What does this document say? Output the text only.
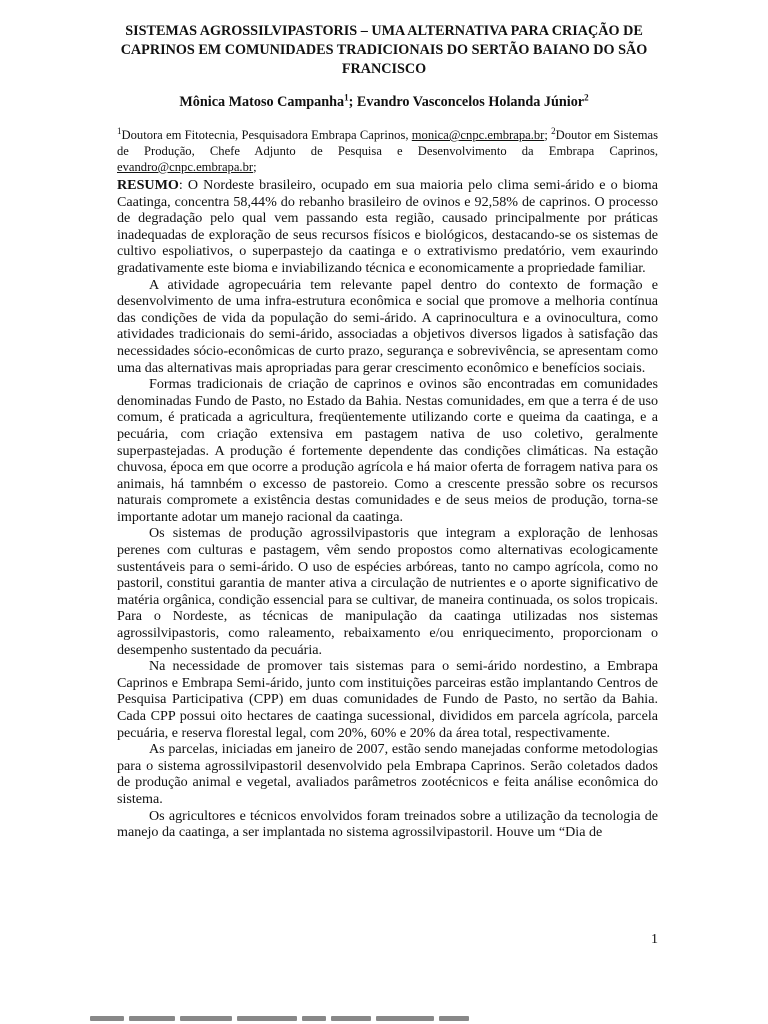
SISTEMAS AGROSSILVIPASTORIS – UMA ALTERNATIVA PARA CRIAÇÃO DE CAPRINOS EM COMUNIDADES TRADICIONAIS DO SERTÃO BAIANO DO SÃO FRANCISCO
Mônica Matoso Campanha$^1$; Evandro Vasconcelos Holanda Júnior$^2$
$^1$Doutora em Fitotecnia, Pesquisadora Embrapa Caprinos, monica@cnpc.embrapa.br; $^2$Doutor em Sistemas de Produção, Chefe Adjunto de Pesquisa e Desenvolvimento da Embrapa Caprinos, evandro@cnpc.embrapa.br;

RESUMO: O Nordeste brasileiro, ocupado em sua maioria pelo clima semi-árido e o bioma Caatinga, concentra 58,44% do rebanho brasileiro de ovinos e 92,58% de caprinos. O processo de degradação pelo qual vem passando esta região, causado principalmente por práticas inadequadas de exploração de seus recursos físicos e biológicos, destacando-se os sistemas de cultivo espoliativos, o superpastejo da caatinga e o extrativismo predatório, vem exaurindo gradativamente este bioma e inviabilizando técnica e economicamente a propriedade familiar.

A atividade agropecuária tem relevante papel dentro do contexto de formação e desenvolvimento de uma infra-estrutura econômica e social que promove a melhoria contínua das condições de vida da população do semi-árido. A caprinocultura e a ovinocultura, como atividades tradicionais do semi-árido, associadas a objetivos diversos ligados à satisfação das necessidades sócio-econômicas de curto prazo, segurança e sobrevivência, se apresentam como uma das alternativas mais apropriadas para gerar crescimento econômico e benefícios sociais.

Formas tradicionais de criação de caprinos e ovinos são encontradas em comunidades denominadas Fundo de Pasto, no Estado da Bahia. Nestas comunidades, em que a terra é de uso comum, é praticada a agricultura, freqüentemente utilizando corte e queima da caatinga, e a pecuária, com criação extensiva em pastagem nativa de uso coletivo, geralmente superpastejadas. A produção é fortemente dependente das condições climáticas. Na estação chuvosa, época em que ocorre a produção agrícola e há maior oferta de forragem nativa para os animais, há tamnbém o excesso de pastoreio. Como a crescente pressão sobre os recursos naturais compromete a existência destas comunidades e de seus meios de produção, torna-se importante adotar um manejo racional da caatinga.

Os sistemas de produção agrossilvipastoris que integram a exploração de lenhosas perenes com culturas e pastagem, vêm sendo propostos como alternativas ecologicamente sustentáveis para o semi-árido. O uso de espécies arbóreas, tanto no campo agrícola, como no pastoril, constitui garantia de manter ativa a circulação de nutrientes e o aporte significativo de matéria orgânica, condição essencial para se cultivar, de maneira continuada, os solos tropicais. Para o Nordeste, as técnicas de manipulação da caatinga utilizadas nos sistemas agrossilvipastoris, como raleamento, rebaixamento e/ou enriquecimento, proporcionam o desempenho sustentado da pecuária.

Na necessidade de promover tais sistemas para o semi-árido nordestino, a Embrapa Caprinos e Embrapa Semi-árido, junto com instituições parceiras estão implantando Centros de Pesquisa Participativa (CPP) em duas comunidades de Fundo de Pasto, no sertão da Bahia. Cada CPP possui oito hectares de caatinga sucessional, divididos em parcela agrícola, parcela pecuária, e reserva florestal legal, com 20%, 60% e 20% da área total, respectivamente.

As parcelas, iniciadas em janeiro de 2007, estão sendo manejadas conforme metodologias para o sistema agrossilvipastoril desenvolvido pela Embrapa Caprinos. Serão coletados dados de produção animal e vegetal, avaliados parâmetros zootécnicos e feita análise econômica do sistema.

Os agricultores e técnicos envolvidos foram treinados sobre a utilização da tecnologia de manejo da caatinga, a ser implantada no sistema agrossilvipastoril. Houve um “Dia de

1
